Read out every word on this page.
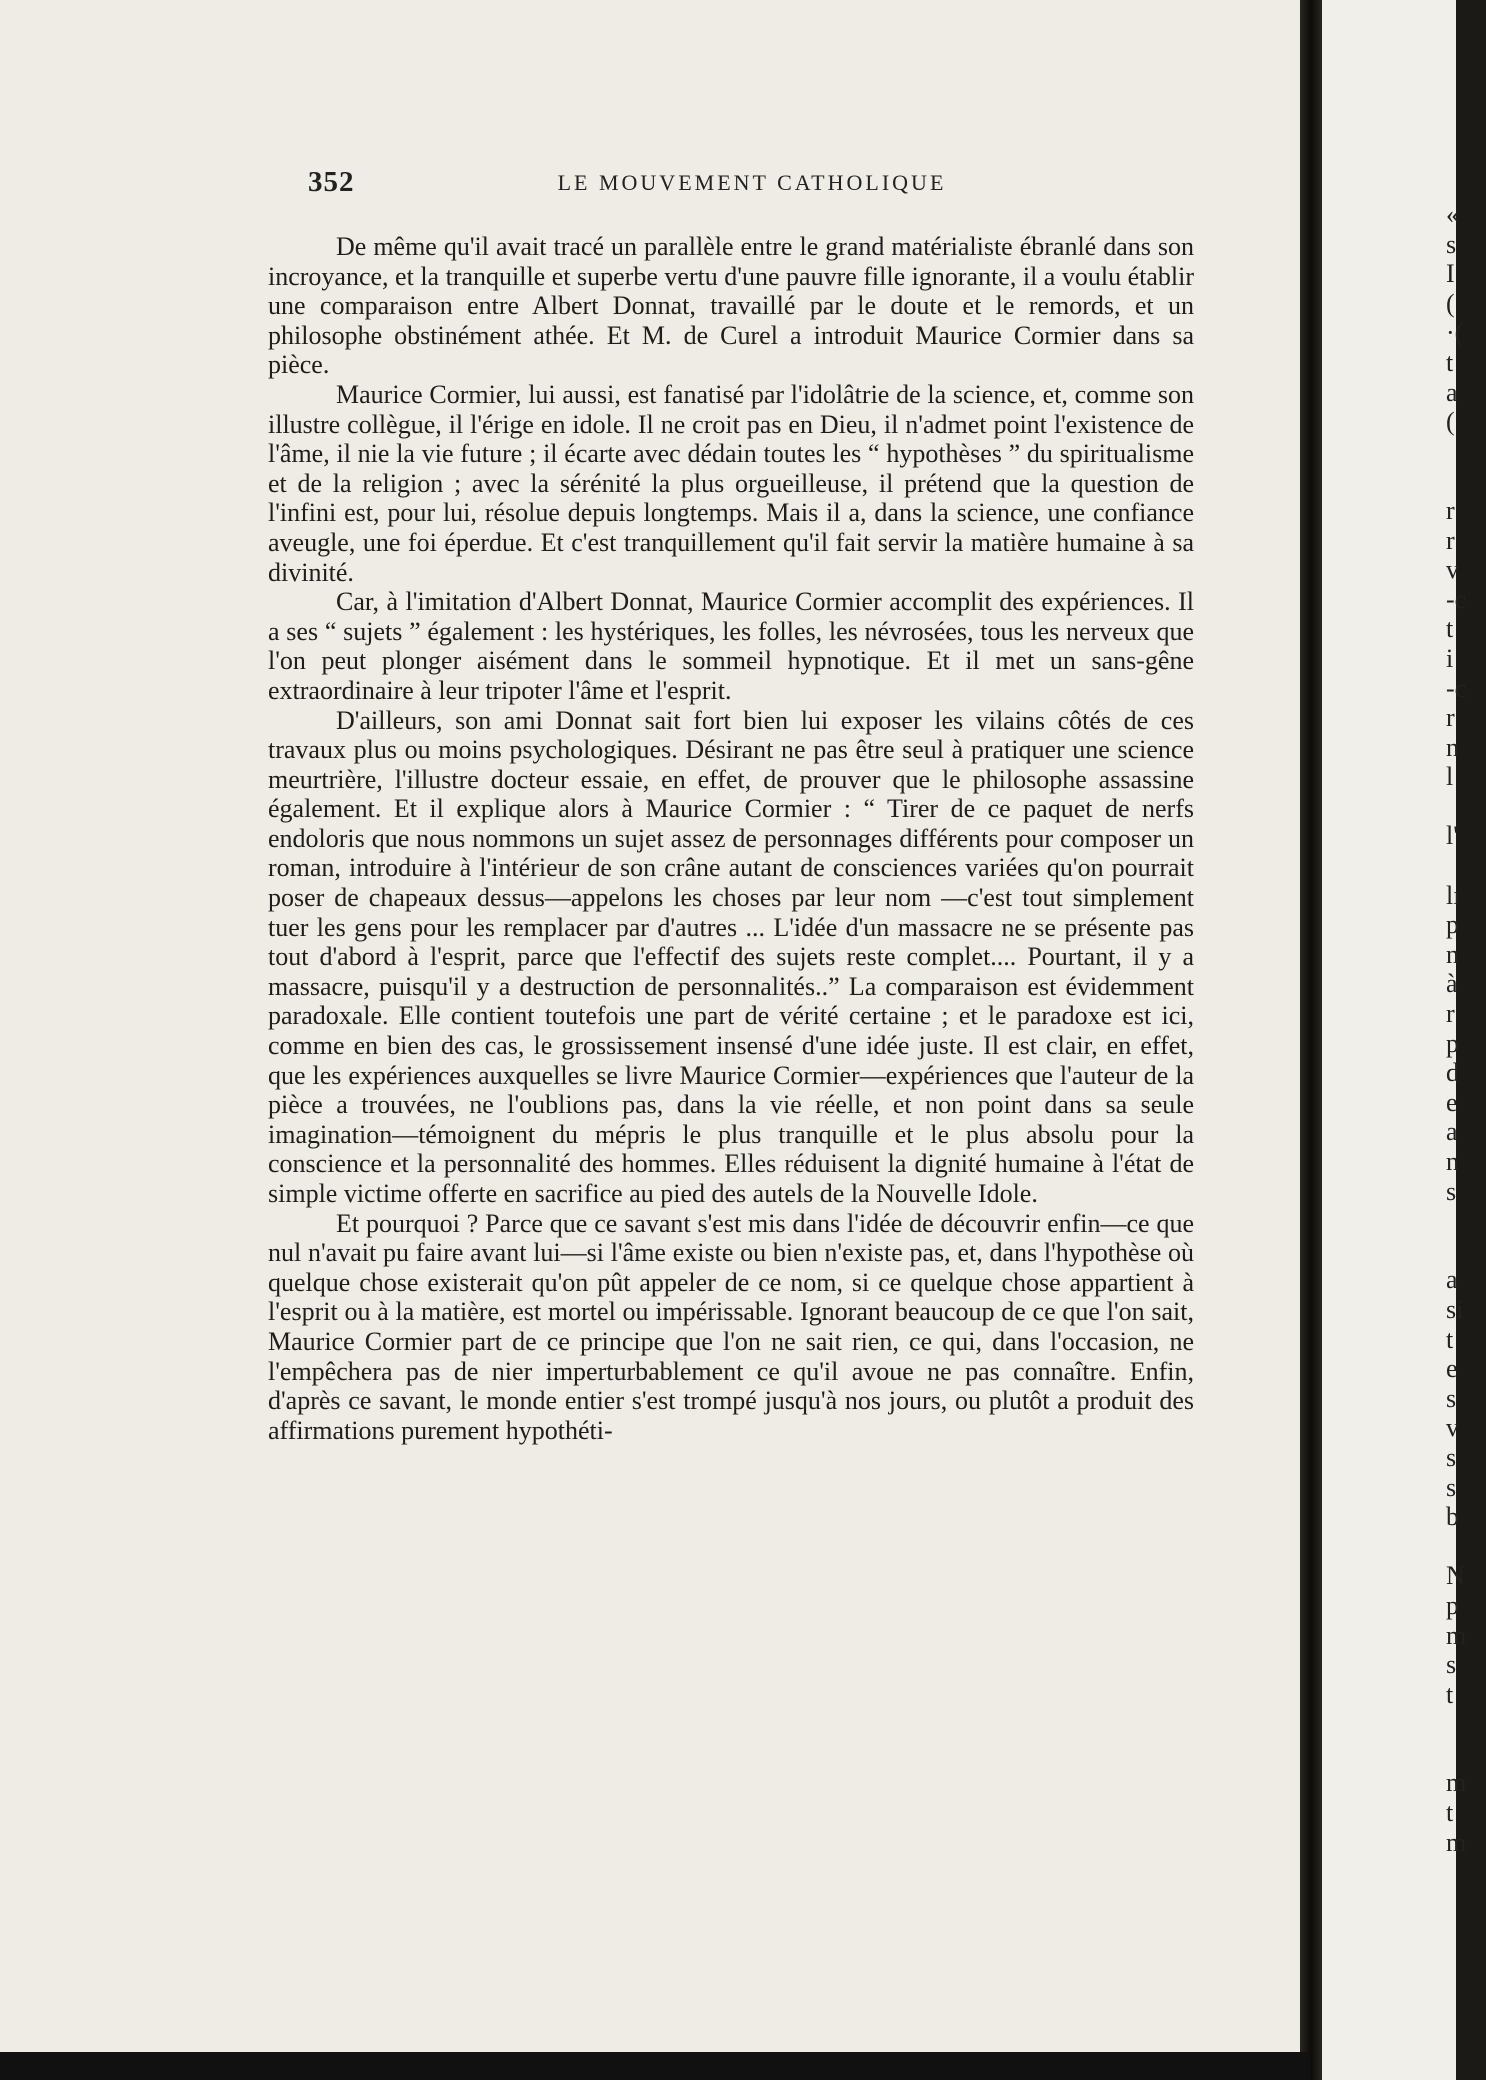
352	LE MOUVEMENT CATHOLIQUE

De même qu'il avait tracé un parallèle entre le grand matérialiste ébranlé dans son incroyance, et la tranquille et superbe vertu d'une pauvre fille ignorante, il a voulu établir une comparaison entre Albert Donnat, travaillé par le doute et le remords, et un philosophe obstinément athée. Et M. de Curel a introduit Maurice Cormier dans sa pièce.

Maurice Cormier, lui aussi, est fanatisé par l'idolâtrie de la science, et, comme son illustre collègue, il l'érige en idole. Il ne croit pas en Dieu, il n'admet point l'existence de l'âme, il nie la vie future ; il écarte avec dédain toutes les “ hypothèses ” du spiritualisme et de la religion ; avec la sérénité la plus orgueilleuse, il prétend que la question de l'infini est, pour lui, résolue depuis longtemps. Mais il a, dans la science, une confiance aveugle, une foi éperdue. Et c'est tranquillement qu'il fait servir la matière humaine à sa divinité.

Car, à l'imitation d'Albert Donnat, Maurice Cormier accomplit des expériences. Il a ses “ sujets ” également : les hystériques, les folles, les névrosées, tous les nerveux que l'on peut plonger aisément dans le sommeil hypnotique. Et il met un sans-gêne extraordinaire à leur tripoter l'âme et l'esprit.

D'ailleurs, son ami Donnat sait fort bien lui exposer les vilains côtés de ces travaux plus ou moins psychologiques. Désirant ne pas être seul à pratiquer une science meurtrière, l'illustre docteur essaie, en effet, de prouver que le philosophe assassine également. Et il explique alors à Maurice Cormier : “ Tirer de ce paquet de nerfs endoloris que nous nommons un sujet assez de personnages différents pour composer un roman, introduire à l'intérieur de son crâne autant de consciences variées qu'on pourrait poser de chapeaux dessus—appelons les choses par leur nom —c'est tout simplement tuer les gens pour les remplacer par d'autres ... L'idée d'un massacre ne se présente pas tout d'abord à l'esprit, parce que l'effectif des sujets reste complet.... Pourtant, il y a massacre, puisqu'il y a destruction de personnalités..” La comparaison est évidemment paradoxale. Elle contient toutefois une part de vérité certaine ; et le paradoxe est ici, comme en bien des cas, le grossissement insensé d'une idée juste. Il est clair, en effet, que les expériences auxquelles se livre Maurice Cormier—expériences que l'auteur de la pièce a trouvées, ne l'oublions pas, dans la vie réelle, et non point dans sa seule imagination—témoignent du mépris le plus tranquille et le plus absolu pour la conscience et la personnalité des hommes. Elles réduisent la dignité humaine à l'état de simple victime offerte en sacrifice au pied des autels de la Nouvelle Idole.

Et pourquoi ? Parce que ce savant s'est mis dans l'idée de découvrir enfin—ce que nul n'avait pu faire avant lui—si l'âme existe ou bien n'existe pas, et, dans l'hypothèse où quelque chose existerait qu'on pût appeler de ce nom, si ce quelque chose appartient à l'esprit ou à la matière, est mortel ou impérissable. Ignorant beaucoup de ce que l'on sait, Maurice Cormier part de ce principe que l'on ne sait rien, ce qui, dans l'occasion, ne l'empêchera pas de nier imperturbablement ce qu'il avoue ne pas connaître. Enfin, d'après ce savant, le monde entier s'est trompé jusqu'à nos jours, ou plutôt a produit des affirmations purement hypothéti-

«
s
I
(
·(
t
a
(
r
r
v
-c
t
i
-c
r
n
l
l'
lı
p
n
à
r
p
d
e
a
n
s
a
si
t
e
s
v
s
s
b
N
p
m
s
t
m
t
m
